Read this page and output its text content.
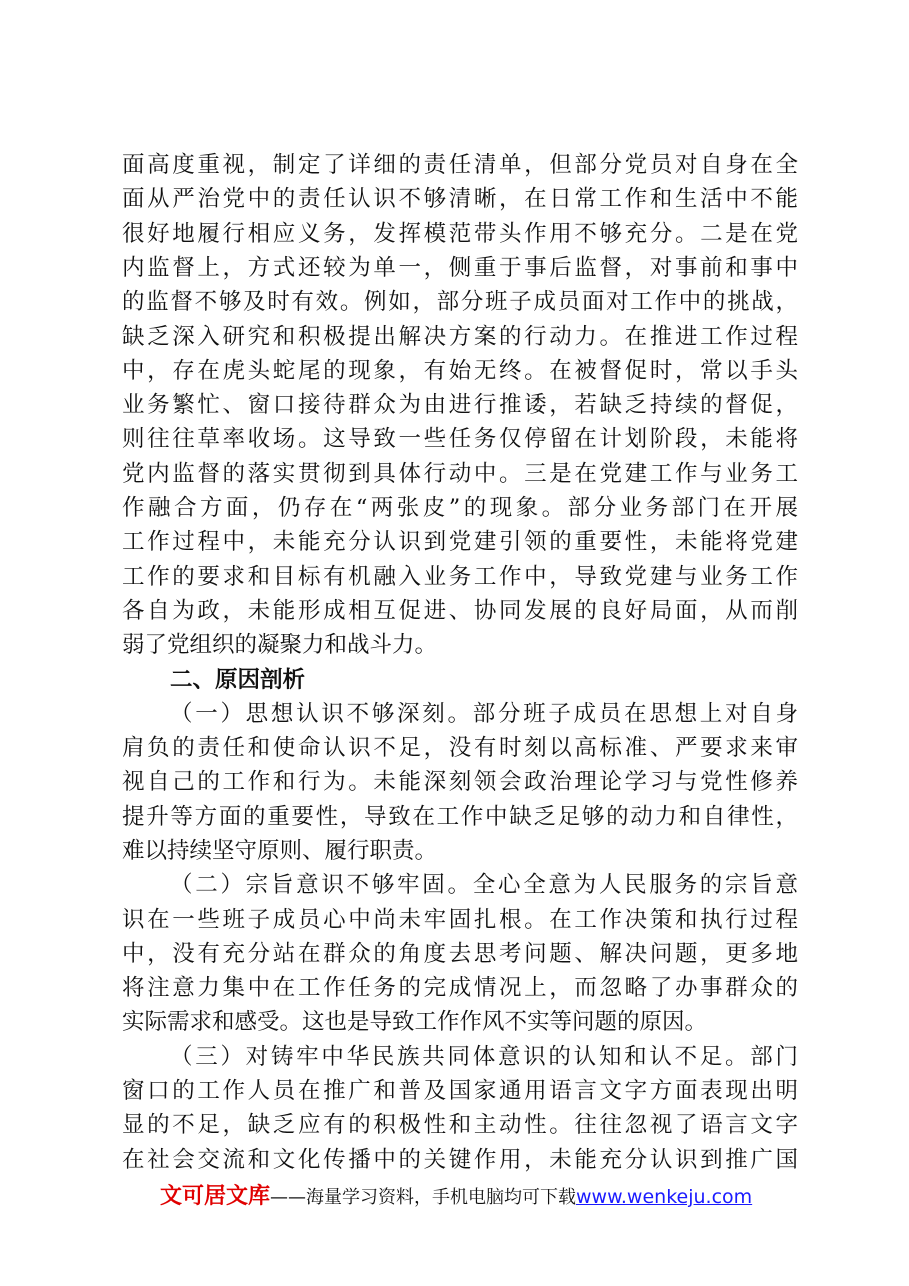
面高度重视，制定了详细的责任清单，但部分党员对自身在全
面从严治党中的责任认识不够清晰，在日常工作和生活中不能
很好地履行相应义务，发挥模范带头作用不够充分。二是在党
内监督上，方式还较为单一，侧重于事后监督，对事前和事中
的监督不够及时有效。例如，部分班子成员面对工作中的挑战，
缺乏深入研究和积极提出解决方案的行动力。在推进工作过程
中，存在虎头蛇尾的现象，有始无终。在被督促时，常以手头
业务繁忙、窗口接待群众为由进行推诿，若缺乏持续的督促，
则往往草率收场。这导致一些任务仅停留在计划阶段，未能将
党内监督的落实贯彻到具体行动中。三是在党建工作与业务工
作融合方面，仍存在“两张皮”的现象。部分业务部门在开展
工作过程中，未能充分认识到党建引领的重要性，未能将党建
工作的要求和目标有机融入业务工作中，导致党建与业务工作
各自为政，未能形成相互促进、协同发展的良好局面，从而削
弱了党组织的凝聚力和战斗力。
二、原因剖析
（一）思想认识不够深刻。部分班子成员在思想上对自身
肩负的责任和使命认识不足，没有时刻以高标准、严要求来审
视自己的工作和行为。未能深刻领会政治理论学习与党性修养
提升等方面的重要性，导致在工作中缺乏足够的动力和自律性，
难以持续坚守原则、履行职责。
（二）宗旨意识不够牢固。全心全意为人民服务的宗旨意
识在一些班子成员心中尚未牢固扎根。在工作决策和执行过程
中，没有充分站在群众的角度去思考问题、解决问题，更多地
将注意力集中在工作任务的完成情况上，而忽略了办事群众的
实际需求和感受。这也是导致工作作风不实等问题的原因。
（三）对铸牢中华民族共同体意识的认知和认不足。部门
窗口的工作人员在推广和普及国家通用语言文字方面表现出明
显的不足，缺乏应有的积极性和主动性。往往忽视了语言文字
在社会交流和文化传播中的关键作用，未能充分认识到推广国
文可居文库——海量学习资料，手机电脑均可下载www.wenkeju.com
